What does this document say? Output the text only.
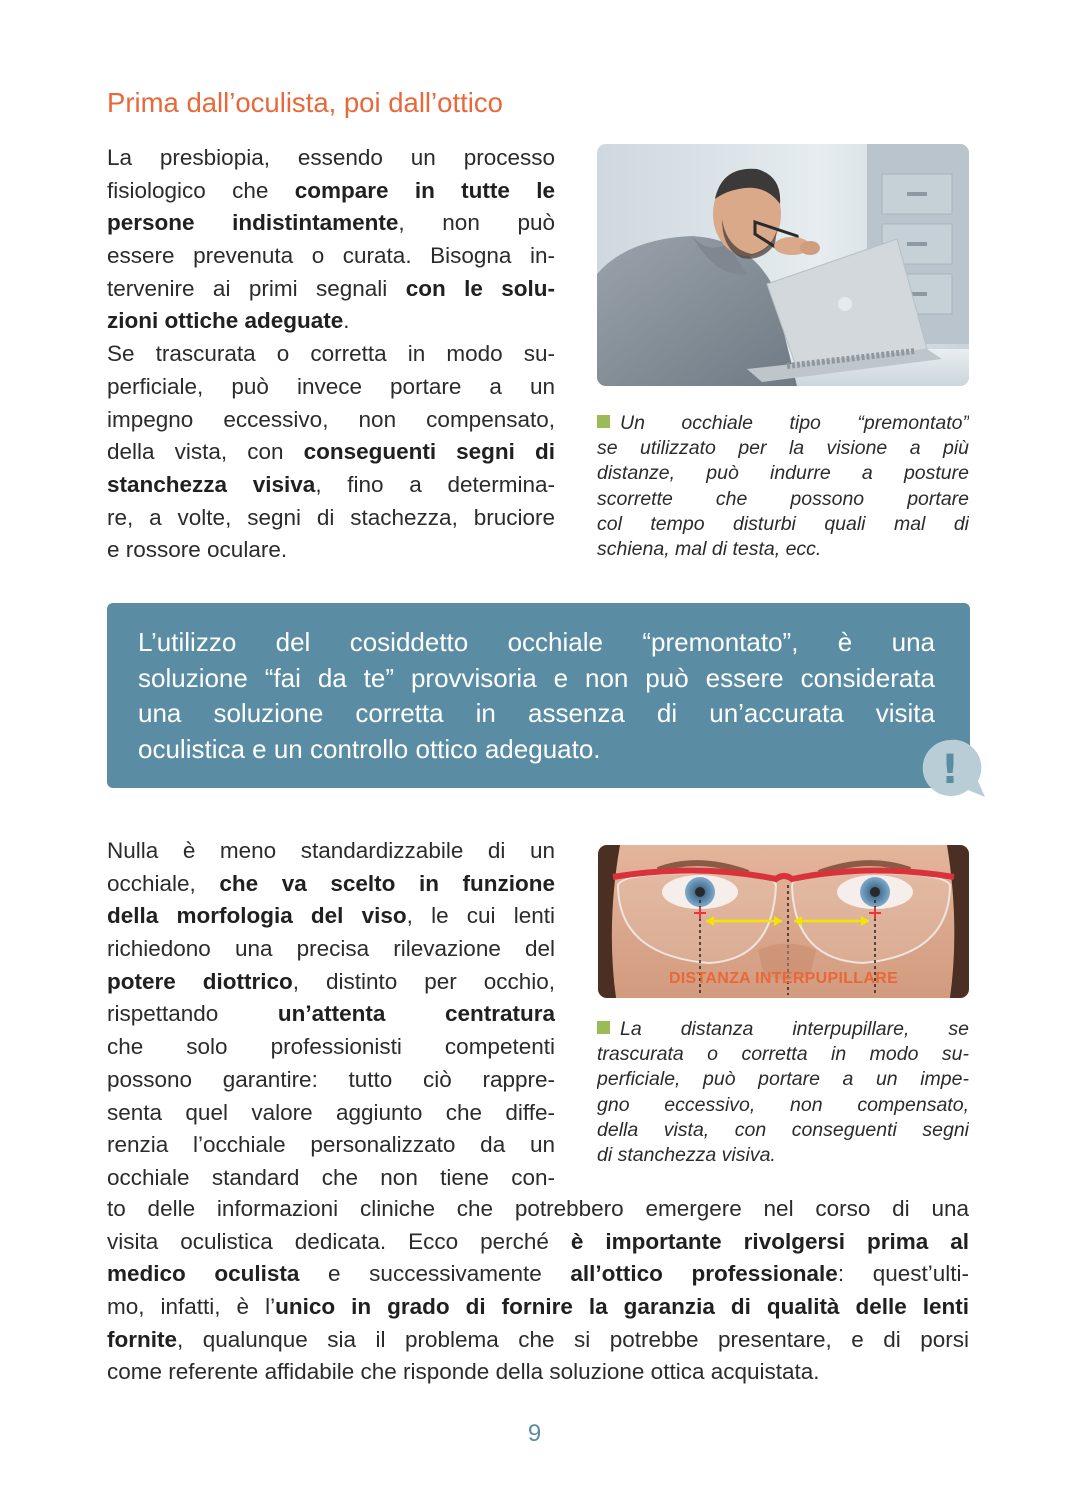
Prima dall’oculista, poi dall’ottico
La presbiopia, essendo un processo
fisiologico che compare in tutte le
persone indistintamente, non può
essere prevenuta o curata. Bisogna in-
tervenire ai primi segnali con le solu-
zioni ottiche adeguate.
Se trascurata o corretta in modo su-
perficiale, può invece portare a un
impegno eccessivo, non compensato,
della vista, con conseguenti segni di
stanchezza visiva, fino a determina-
re, a volte, segni di stachezza, bruciore
e rossore oculare.
Un occhiale tipo “premontato”
se utilizzato per la visione a più
distanze, può indurre a posture
scorrette che possono portare
col tempo disturbi quali mal di
schiena, mal di testa, ecc.
L’utilizzo del cosiddetto occhiale “premontato”, è una
soluzione “fai da te” provvisoria e non può essere considerata
una soluzione corretta in assenza di un’accurata visita
oculistica e un controllo ottico adeguato.	!
Nulla è meno standardizzabile di un
occhiale, che va scelto in funzione
della morfologia del viso, le cui lenti
richiedono una precisa rilevazione del
potere diottrico, distinto per occhio,
rispettando un’attenta centratura
che solo professionisti competenti
possono garantire: tutto ciò rappre-
senta quel valore aggiunto che diffe-
renzia l’occhiale personalizzato da un
occhiale standard che non tiene con-
DISTANZA INTERPUPILLARE
La distanza interpupillare, se
trascurata o corretta in modo su-
perficiale, può portare a un impe-
gno eccessivo, non compensato,
della vista, con conseguenti segni
di stanchezza visiva.
to delle informazioni cliniche che potrebbero emergere nel corso di una
visita oculistica dedicata. Ecco perché è importante rivolgersi prima al
medico oculista e successivamente all’ottico professionale: quest’ulti-
mo, infatti, è l’unico in grado di fornire la garanzia di qualità delle lenti
fornite, qualunque sia il problema che si potrebbe presentare, e di porsi
come referente affidabile che risponde della soluzione ottica acquistata.
9
